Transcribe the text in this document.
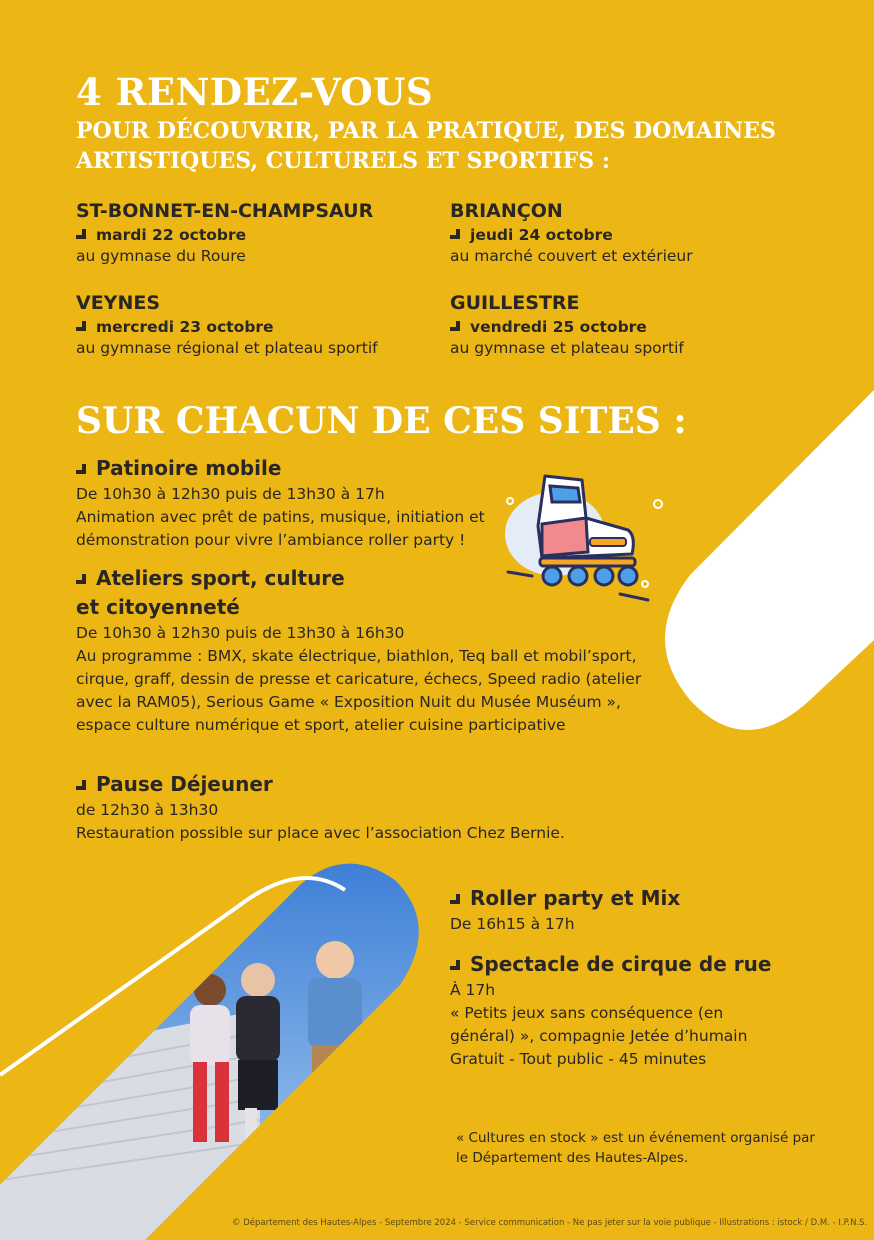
4 RENDEZ-VOUS
POUR DÉCOUVRIR, PAR LA PRATIQUE, DES DOMAINES ARTISTIQUES, CULTURELS ET SPORTIFS :
ST-BONNET-EN-CHAMPSAUR
mardi 22 octobre
au gymnase du Roure
BRIANÇON
jeudi 24 octobre
au marché couvert et extérieur
VEYNES
mercredi 23 octobre
au gymnase régional et plateau sportif
GUILLESTRE
vendredi 25 octobre
au gymnase et plateau sportif
SUR CHACUN DE CES SITES :
Patinoire mobile
De 10h30 à 12h30 puis de 13h30 à 17h
Animation avec prêt de patins, musique, initiation et démonstration pour vivre l’ambiance roller party !
Ateliers sport, culture
et citoyenneté
De 10h30 à 12h30 puis de 13h30 à 16h30
Au programme : BMX, skate électrique, biathlon, Teq ball et mobil’sport, cirque, graff, dessin de presse et caricature, échecs, Speed radio (atelier avec la RAM05), Serious Game « Exposition Nuit du Musée Muséum », espace culture numérique et sport, atelier cuisine participative
Pause Déjeuner
de 12h30 à 13h30
Restauration possible sur place avec l’association Chez Bernie.
Roller party et Mix
De 16h15 à 17h
Spectacle de cirque de rue
À 17h
« Petits jeux sans conséquence (en
général) », compagnie Jetée d’humain
Gratuit - Tout public - 45 minutes
« Cultures en stock » est un événement organisé par le Département des Hautes-Alpes.
© Département des Hautes-Alpes - Septembre 2024 - Service communication - Ne pas jeter sur la voie publique - Illustrations : istock / D.M. - I.P.N.S.
